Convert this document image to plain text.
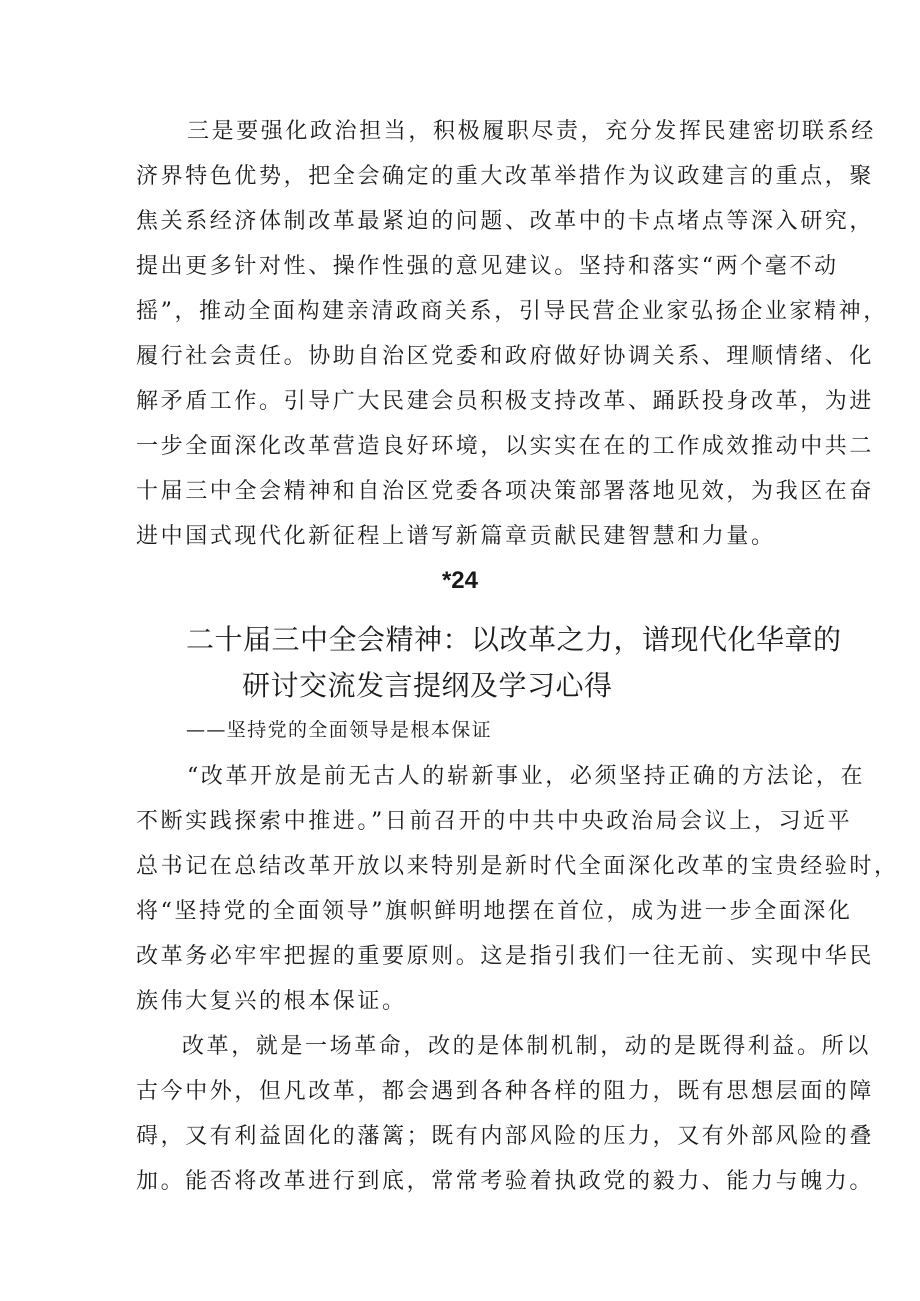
三是要强化政治担当，积极履职尽责，充分发挥民建密切联系经
济界特色优势，把全会确定的重大改革举措作为议政建言的重点，聚
焦关系经济体制改革最紧迫的问题、改革中的卡点堵点等深入研究，
提出更多针对性、操作性强的意见建议。坚持和落实“两个毫不动
摇”，推动全面构建亲清政商关系，引导民营企业家弘扬企业家精神，
履行社会责任。协助自治区党委和政府做好协调关系、理顺情绪、化
解矛盾工作。引导广大民建会员积极支持改革、踊跃投身改革，为进
一步全面深化改革营造良好环境，以实实在在的工作成效推动中共二
十届三中全会精神和自治区党委各项决策部署落地见效，为我区在奋
进中国式现代化新征程上谱写新篇章贡献民建智慧和力量。
*24
二十届三中全会精神：以改革之力，谱现代化华章的
研讨交流发言提纲及学习心得
——坚持党的全面领导是根本保证
“改革开放是前无古人的崭新事业，必须坚持正确的方法论，在
不断实践探索中推进。”日前召开的中共中央政治局会议上，习近平
总书记在总结改革开放以来特别是新时代全面深化改革的宝贵经验时，
将“坚持党的全面领导”旗帜鲜明地摆在首位，成为进一步全面深化
改革务必牢牢把握的重要原则。这是指引我们一往无前、实现中华民
族伟大复兴的根本保证。
改革，就是一场革命，改的是体制机制，动的是既得利益。所以
古今中外，但凡改革，都会遇到各种各样的阻力，既有思想层面的障
碍，又有利益固化的藩篱；既有内部风险的压力，又有外部风险的叠
加。能否将改革进行到底，常常考验着执政党的毅力、能力与魄力。
